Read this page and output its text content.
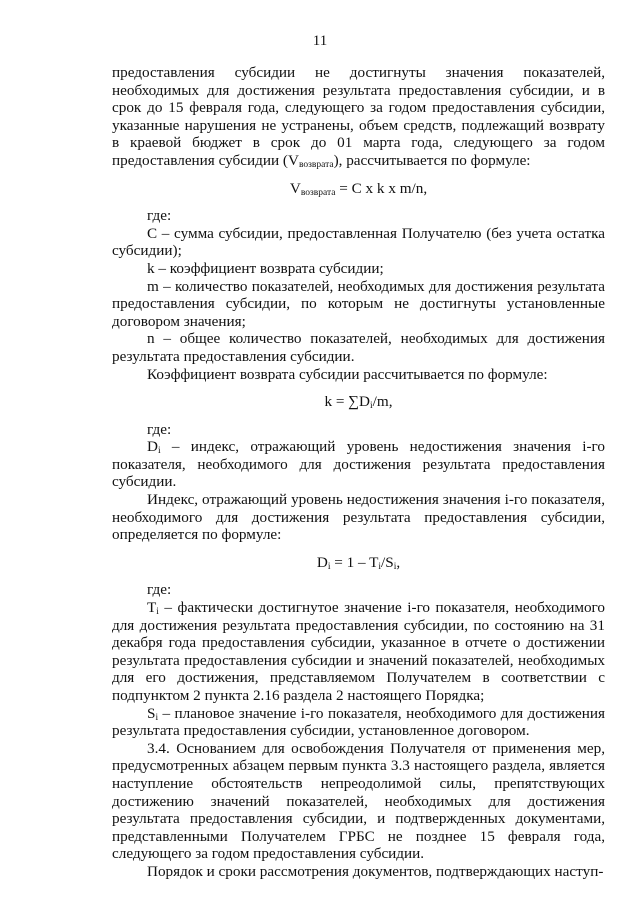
11

предоставления субсидии не достигнуты значения показателей, необходимых для достижения результата предоставления субсидии, и в срок до 15 февраля года, следующего за годом предоставления субсидии, указанные нарушения не устранены, объем средств, подлежащий возврату в краевой бюджет в срок до 01 марта года, следующего за годом предоставления субсидии $(V_{возврата})$, рассчитывается по формуле:

$V_{возврата} = С$ x k x m/n,

где:

С – сумма субсидии, предоставленная Получателю (без учета остатка субсидии);

k – коэффициент возврата субсидии;

m – количество показателей, необходимых для достижения результата предоставления субсидии, по которым не достигнуты установленные договором значения;

n – общее количество показателей, необходимых для достижения результата предоставления субсидии.

Коэффициент возврата субсидии рассчитывается по формуле:

$k = \sum D_i/m$,

где:

$D_i$ – индекс, отражающий уровень недостижения значения i-го показателя, необходимого для достижения результата предоставления субсидии.

Индекс, отражающий уровень недостижения значения i-го показателя, необходимого для достижения результата предоставления субсидии, определяется по формуле:

$D_i = 1 - T_i/S_i$,

где:

$T_i$ – фактически достигнутое значение i-го показателя, необходимого для достижения результата предоставления субсидии, по состоянию на 31 декабря года предоставления субсидии, указанное в отчете о достижении результата предоставления субсидии и значений показателей, необходимых для его достижения, представляемом Получателем в соответствии с подпунктом 2 пункта 2.16 раздела 2 настоящего Порядка;

$S_i$ – плановое значение i-го показателя, необходимого для достижения результата предоставления субсидии, установленное договором.

3.4. Основанием для освобождения Получателя от применения мер, предусмотренных абзацем первым пункта 3.3 настоящего раздела, является наступление обстоятельств непреодолимой силы, препятствующих достижению значений показателей, необходимых для достижения результата предоставления субсидии, и подтвержденных документами, представленными Получателем ГРБС не позднее 15 февраля года, следующего за годом предоставления субсидии.

Порядок и сроки рассмотрения документов, подтверждающих наступ-
